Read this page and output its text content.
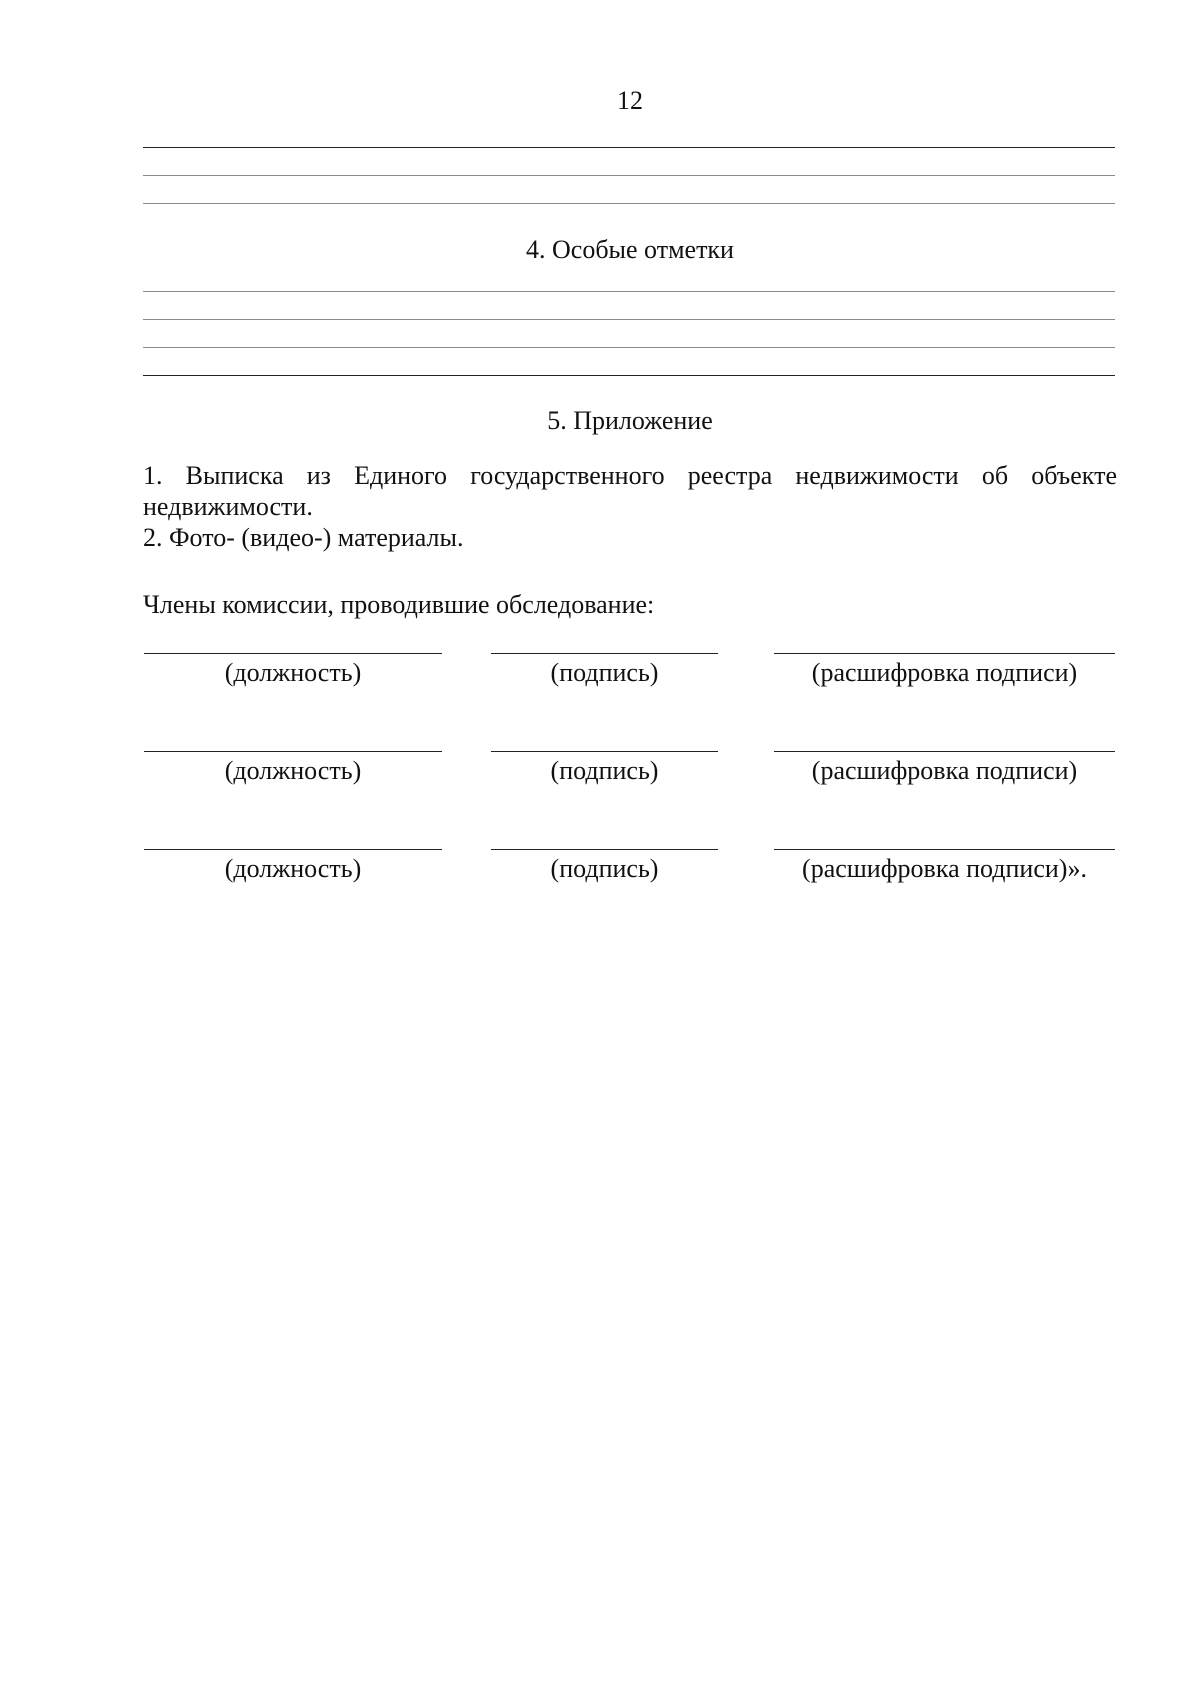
12
4. Особые отметки
5. Приложение
1. Выписка из Единого государственного реестра недвижимости об объекте
недвижимости.
2. Фото- (видео-) материалы.
Члены комиссии, проводившие обследование:
(должность)	(подпись)	(расшифровка подписи)
(должность)	(подпись)	(расшифровка подписи)
(должность)	(подпись)	(расшифровка подписи)».
